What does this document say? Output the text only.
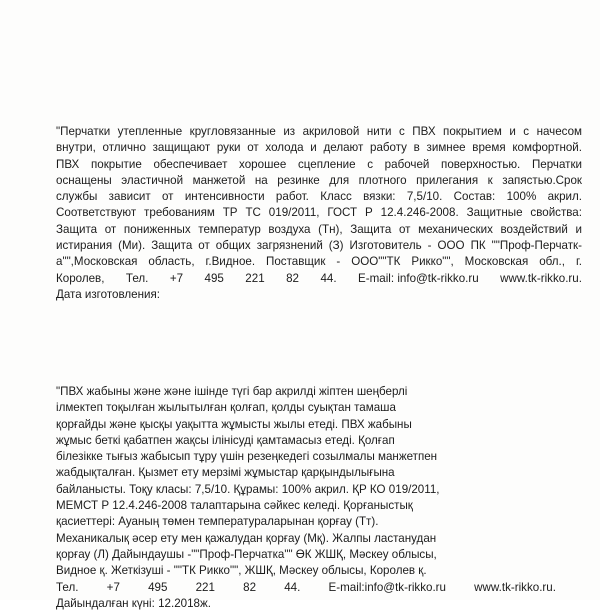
"Перчатки утепленные кругловязанные из акриловой нити с ПВХ покрытием и с начесом
внутри, отлично защищают руки от холода и делают работу в зимнее время комфортной.
ПВХ покрытие обеспечивает хорошее сцепление с рабочей поверхностью. Перчатки
оснащены эластичной манжетой на резинке для плотного прилегания к запястью.Срок
службы зависит от интенсивности работ. Класс вязки: 7,5/10. Состав: 100% акрил.
Соответствуют требованиям ТР ТС 019/2011, ГОСТ Р 12.4.246-2008. Защитные свойства:
Защита от пониженных температур воздуха (Тн), Защита от механических воздействий и
истирания (Ми). Защита от общих загрязнений (З) Изготовитель - ООО ПК ""Проф-Перчатк-
а"",Московская область, г.Видное. Поставщик - ООО""ТК Рикко"", Московская обл., г.
Королев, Тел. +7 495 221 82 44. E-mail: info@tk-rikko.ru www.tk-rikko.ru.
Дата изготовления:
"ПВХ жабыны және және ішінде түгі бар акрилді жіптен шеңберлі
ілмектеп тоқылған жылытылған қолғап, қолды суықтан тамаша
қорғайды және қысқы уақытта жұмысты жылы етеді. ПВХ жабыны
жұмыс беткі қабатпен жақсы ілінісуді қамтамасыз етеді. Қолғап
білезікке тығыз жабысып тұру үшін резеңкедегі созылмалы манжетпен
жабдықталған. Қызмет ету мерзімі жұмыстар қарқындылығына
байланысты. Тоқу класы: 7,5/10. Құрамы: 100% акрил. ҚР КО 019/2011,
МЕМСТ Р 12.4.246-2008 талаптарына сәйкес келеді. Қорғаныстық
қасиеттері: Ауаның төмен температураларынан қорғау (Тт).
Механикалық әсер ету мен қажалудан қорғау (Мқ). Жалпы ластанудан
қорғау (Л) Дайындаушы -""Проф-Перчатка"" ӨК ЖШҚ, Мәскеу облысы,
Видное қ. Жеткізуші - ""ТК Рикко"", ЖШҚ, Мәскеу облысы, Королев қ.
Тел. +7 495 221 82 44. E-mail:info@tk-rikko.ru www.tk-rikko.ru.
Дайындалған күні: 12.2018ж.
